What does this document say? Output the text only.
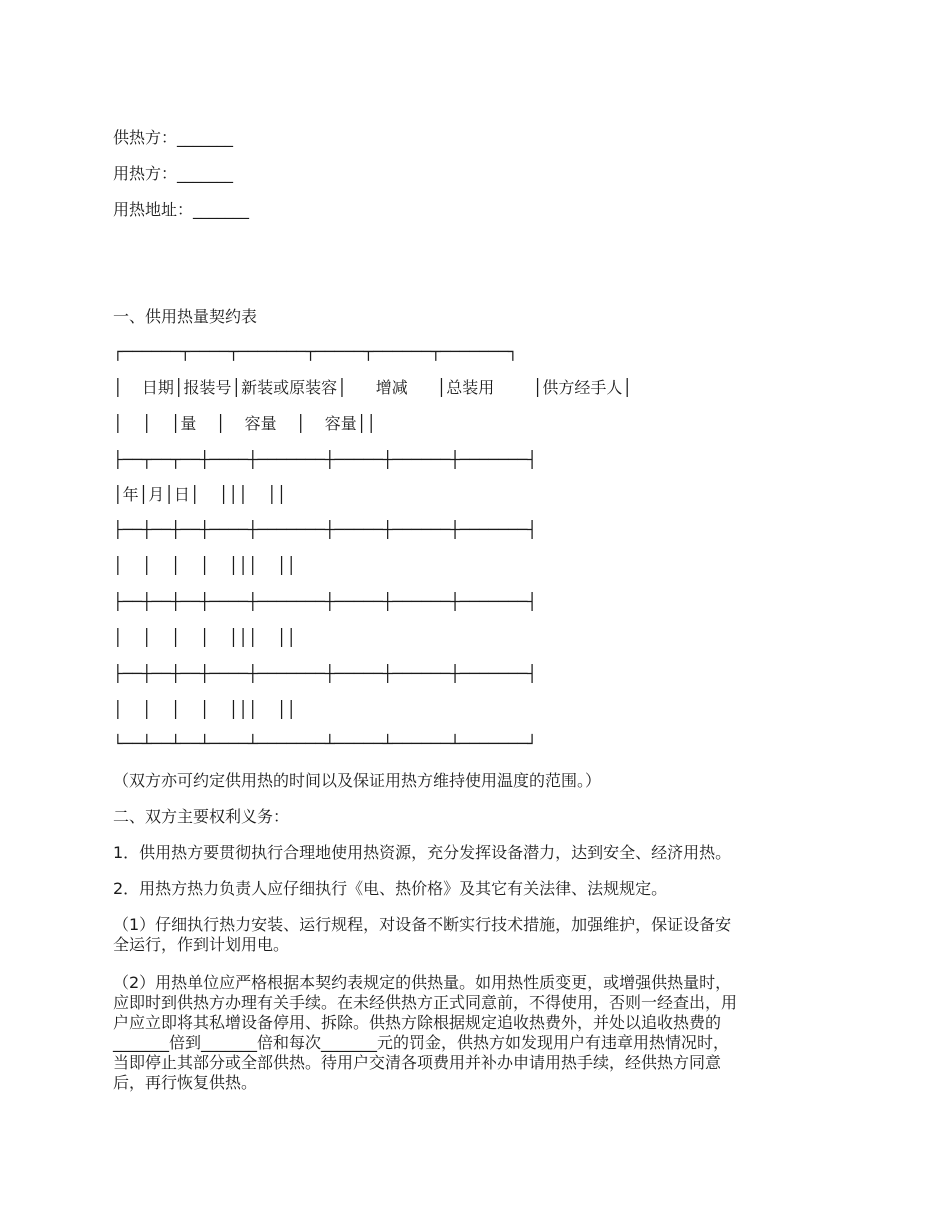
供热方：_______
用热方：_______
用热地址：_______
一、供用热量契约表

┌──────┬────┬───────┬─────┬──────┬───────┐

│  日期│报装号│新装或原装容│   增减   │总装用    │供方经手人│

│  │  │量  │  容量  │  容量││

├──┬──┬──┼────┼───────┼─────┼──────┼───────┤

│年│月│日│  │││  ││

├──┼──┼──┼────┼───────┼─────┼──────┼───────┤

│  │  │  │  │││  ││

├──┼──┼──┼────┼───────┼─────┼──────┼───────┤

│  │  │  │  │││  ││

├──┼──┼──┼────┼───────┼─────┼──────┼───────┤

│  │  │  │  │││  ││

└──┴──┴──┴────┴───────┴─────┴──────┴───────┘

（双方亦可约定供用热的时间以及保证用热方维持使用温度的范围。）
二、双方主要权利义务：
1．供用热方要贯彻执行合理地使用热资源，充分发挥设备潜力，达到安全、经济用热。
2．用热方热力负责人应仔细执行《电、热价格》及其它有关法律、法规规定。
（1）仔细执行热力安装、运行规程，对设备不断实行技术措施，加强维护，保证设备安
全运行，作到计划用电。
（2）用热单位应严格根据本契约表规定的供热量。如用热性质变更，或增强供热量时，
应即时到供热方办理有关手续。在未经供热方正式同意前，不得使用，否则一经查出，用
户应立即将其私增设备停用、拆除。供热方除根据规定追收热费外，并处以追收热费的
_______倍到_______倍和每次_______元的罚金，供热方如发现用户有违章用热情况时，
当即停止其部分或全部供热。待用户交清各项费用并补办申请用热手续，经供热方同意
后，再行恢复供热。
